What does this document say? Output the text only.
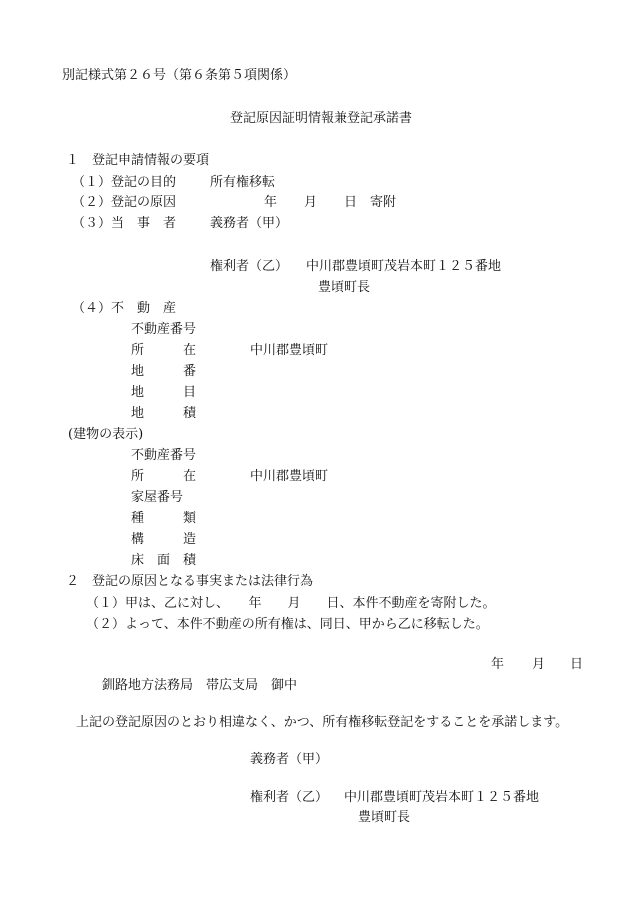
別記様式第２６号（第６条第５項関係）
登記原因証明情報兼登記承諾書
１　登記申請情報の要項
（１）登記の目的	所有権移転
（２）登記の原因	年 月 日 寄附
（３）当　事　者	義務者（甲）
権利者（乙） 中川郡豊頃町茂岩本町１２５番地
豊頃町長
（４）不　動　産
不動産番号
所　　　在	中川郡豊頃町
地　　　番
地　　　目
地　　　積
(建物の表示)
不動産番号
所　　　在	中川郡豊頃町
家屋番号
種　　　類
構　　　造
床　面　積
２　登記の原因となる事実または法律行為
（１）甲は、乙に対し、　　年　　月　　日、本件不動産を寄附した。
（２）よって、本件不動産の所有権は、同日、甲から乙に移転した。
年 月 日
釧路地方法務局　帯広支局　御中
上記の登記原因のとおり相違なく、かつ、所有権移転登記をすることを承諾します。
義務者（甲）
権利者（乙） 中川郡豊頃町茂岩本町１２５番地
豊頃町長
